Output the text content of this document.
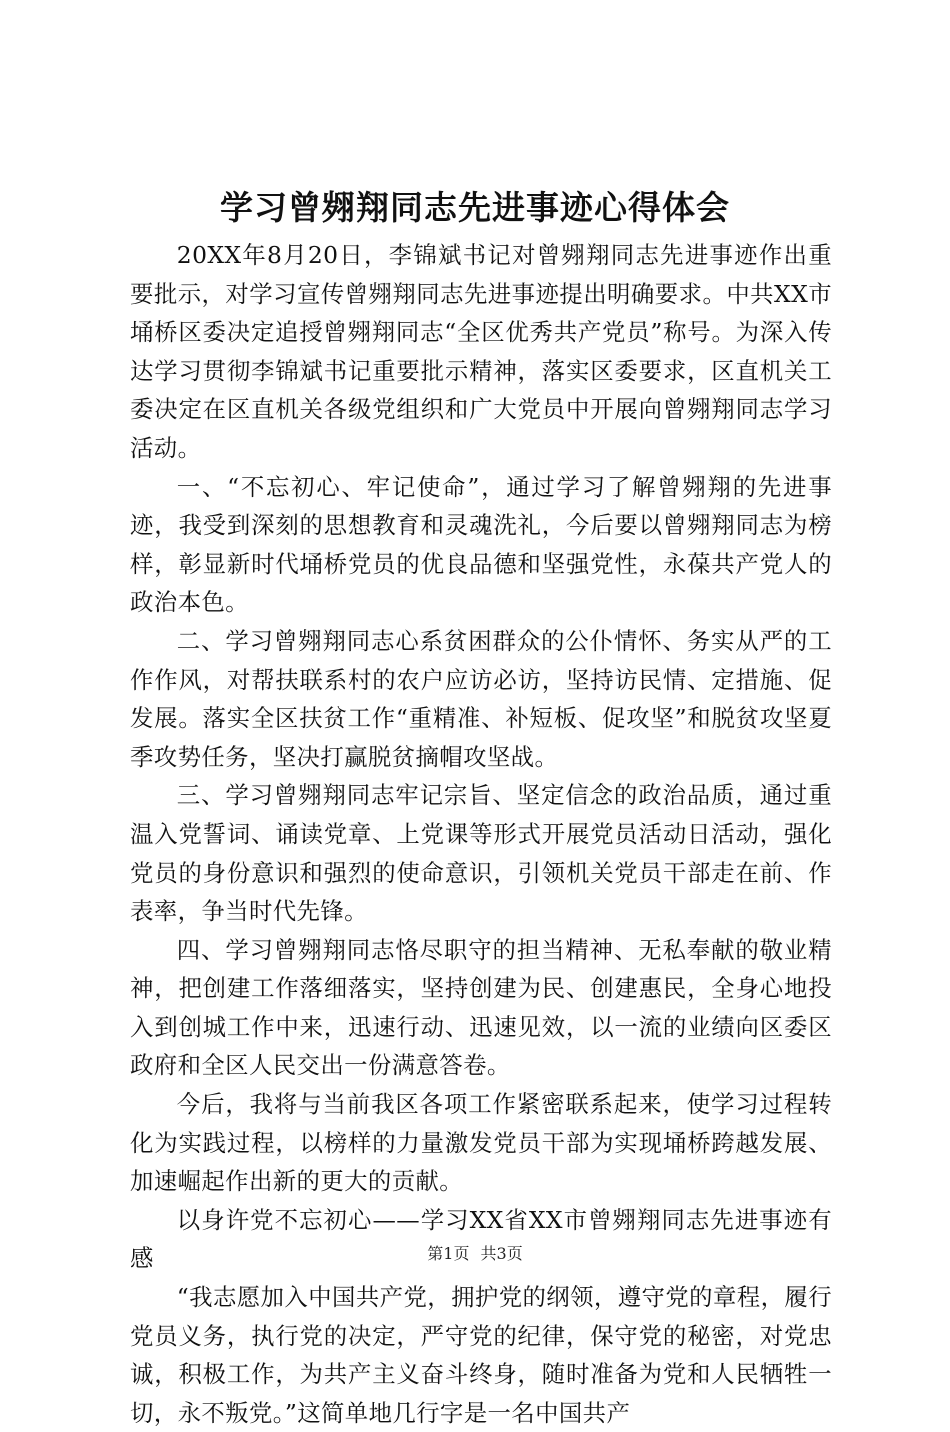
学习曾翙翔同志先进事迹心得体会

20XX年8月20日，李锦斌书记对曾翙翔同志先进事迹作出重要批示，对学习宣传曾翙翔同志先进事迹提出明确要求。中共XX市埇桥区委决定追授曾翙翔同志“全区优秀共产党员”称号。为深入传达学习贯彻李锦斌书记重要批示精神，落实区委要求，区直机关工委决定在区直机关各级党组织和广大党员中开展向曾翙翔同志学习活动。

一、“不忘初心、牢记使命”，通过学习了解曾翙翔的先进事迹，我受到深刻的思想教育和灵魂洗礼，今后要以曾翙翔同志为榜样，彰显新时代埇桥党员的优良品德和坚强党性，永葆共产党人的政治本色。

二、学习曾翙翔同志心系贫困群众的公仆情怀、务实从严的工作作风，对帮扶联系村的农户应访必访，坚持访民情、定措施、促发展。落实全区扶贫工作“重精准、补短板、促攻坚”和脱贫攻坚夏季攻势任务，坚决打赢脱贫摘帽攻坚战。

三、学习曾翙翔同志牢记宗旨、坚定信念的政治品质，通过重温入党誓词、诵读党章、上党课等形式开展党员活动日活动，强化党员的身份意识和强烈的使命意识，引领机关党员干部走在前、作表率，争当时代先锋。

四、学习曾翙翔同志恪尽职守的担当精神、无私奉献的敬业精神，把创建工作落细落实，坚持创建为民、创建惠民，全身心地投入到创城工作中来，迅速行动、迅速见效，以一流的业绩向区委区政府和全区人民交出一份满意答卷。

今后，我将与当前我区各项工作紧密联系起来，使学习过程转化为实践过程，以榜样的力量激发党员干部为实现埇桥跨越发展、加速崛起作出新的更大的贡献。

以身许党不忘初心——学习XX省XX市曾翙翔同志先进事迹有感

“我志愿加入中国共产党，拥护党的纲领，遵守党的章程，履行党员义务，执行党的决定，严守党的纪律，保守党的秘密，对党忠诚，积极工作，为共产主义奋斗终身，随时准备为党和人民牺牲一切，永不叛党。”这简单地几行字是一名中国共产

第1页 共3页
